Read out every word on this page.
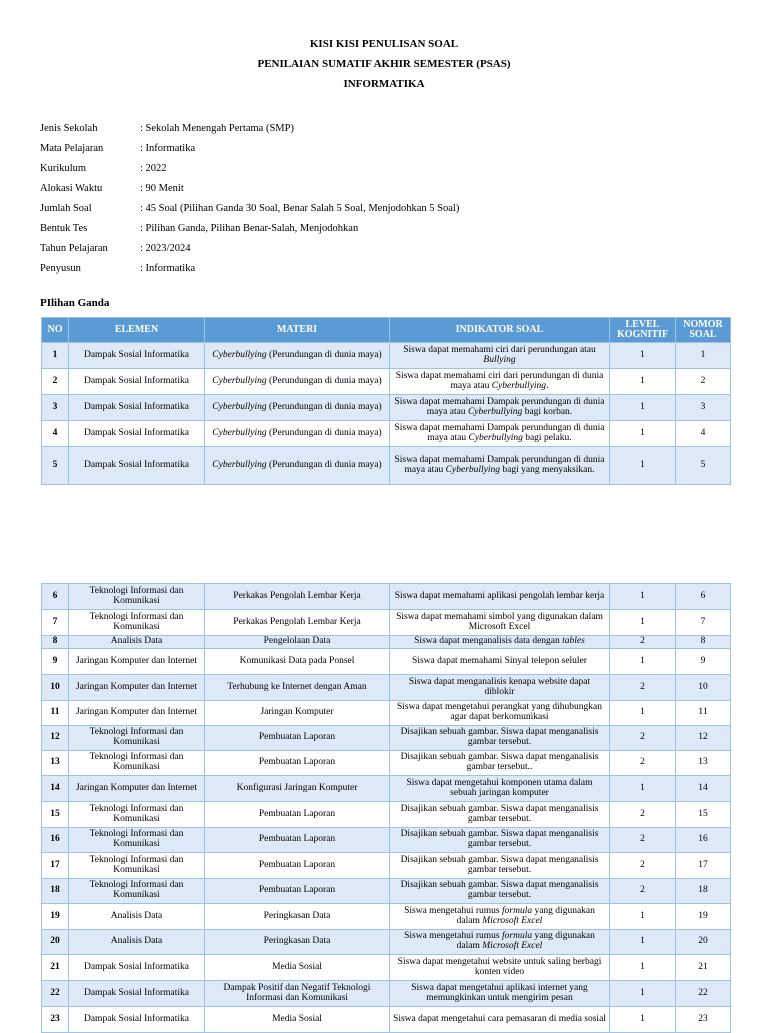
KISI KISI PENULISAN SOAL
PENILAIAN SUMATIF AKHIR SEMESTER (PSAS)
INFORMATIKA
Jenis Sekolah	: Sekolah Menengah Pertama (SMP)
Mata Pelajaran	: Informatika
Kurikulum	: 2022
Alokasi Waktu	: 90 Menit
Jumlah Soal	: 45 Soal (Pilihan Ganda 30 Soal, Benar Salah 5 Soal, Menjodohkan 5 Soal)
Bentuk Tes	: Pilihan Ganda, Pilihan Benar-Salah, Menjodohkan
Tahun Pelajaran	: 2023/2024
Penyusun	: Informatika
PIlihan Ganda
NO	ELEMEN	MATERI	INDIKATOR SOAL	LEVEL KOGNITIF	NOMOR SOAL
1	Dampak Sosial Informatika	Cyberbullying (Perundungan di dunia maya)	Siswa dapat memahami ciri dari perundungan atau Bullying	1	1
2	Dampak Sosial Informatika	Cyberbullying (Perundungan di dunia maya)	Siswa dapat memahami ciri dari perundungan di dunia maya atau Cyberbullying.	1	2
3	Dampak Sosial Informatika	Cyberbullying (Perundungan di dunia maya)	Siswa dapat memahami Dampak perundungan di dunia maya atau Cyberbullying bagi korban.	1	3
4	Dampak Sosial Informatika	Cyberbullying (Perundungan di dunia maya)	Siswa dapat memahami Dampak perundungan di dunia maya atau Cyberbullying bagi pelaku.	1	4
5	Dampak Sosial Informatika	Cyberbullying (Perundungan di dunia maya)	Siswa dapat memahami Dampak perundungan di dunia maya atau Cyberbullying bagi yang menyaksikan.	1	5
6	Teknologi Informasi dan Komunikasi	Perkakas Pengolah Lembar Kerja	Siswa dapat memahami aplikasi pengolah lembar kerja	1	6
7	Teknologi Informasi dan Komunikasi	Perkakas Pengolah Lembar Kerja	Siswa dapat memahami simbol yang digunakan dalam Microsoft Excel	1	7
8	Analisis Data	Pengelolaan Data	Siswa dapat menganalisis data dengan tables	2	8
9	Jaringan Komputer dan Internet	Komunikasi Data pada Ponsel	Siswa dapat memahami Sinyal telepon seluler	1	9
10	Jaringan Komputer dan Internet	Terhubung ke Internet dengan Aman	Siswa dapat menganalisis kenapa website dapat diblokir	2	10
11	Jaringan Komputer dan Internet	Jaringan Komputer	Siswa dapat mengetahui perangkat yang dihubungkan agar dapat berkomunikasi	1	11
12	Teknologi Informasi dan Komunikasi	Pembuatan Laporan	Disajikan sebuah gambar. Siswa dapat menganalisis gambar tersebut.	2	12
13	Teknologi Informasi dan Komunikasi	Pembuatan Laporan	Disajikan sebuah gambar. Siswa dapat menganalisis gambar tersebut..	2	13
14	Jaringan Komputer dan Internet	Konfigurasi Jaringan Komputer	Siswa dapat mengetahui komponen utama dalam sebuah jaringan komputer	1	14
15	Teknologi Informasi dan Komunikasi	Pembuatan Laporan	Disajikan sebuah gambar. Siswa dapat menganalisis gambar tersebut.	2	15
16	Teknologi Informasi dan Komunikasi	Pembuatan Laporan	Disajikan sebuah gambar. Siswa dapat menganalisis gambar tersebut.	2	16
17	Teknologi Informasi dan Komunikasi	Pembuatan Laporan	Disajikan sebuah gambar. Siswa dapat menganalisis gambar tersebut.	2	17
18	Teknologi Informasi dan Komunikasi	Pembuatan Laporan	Disajikan sebuah gambar. Siswa dapat menganalisis gambar tersebut.	2	18
19	Analisis Data	Peringkasan Data	Siswa mengetahui rumus formula yang digunakan dalam Microsoft Excel	1	19
20	Analisis Data	Peringkasan Data	Siswa mengetahui rumus formula yang digunakan dalam Microsoft Excel	1	20
21	Dampak Sosial Informatika	Media Sosial	Siswa dapat mengetahui website untuk saling berbagi konten video	1	21
22	Dampak Sosial Informatika	Dampak Positif dan Negatif Teknologi Informasi dan Komunikasi	Siswa dapat mengetahui aplikasi internet yang memungkinkan untuk mengirim pesan	1	22
23	Dampak Sosial Informatika	Media Sosial	Siswa dapat mengetahui cara pemasaran di media sosial	1	23
